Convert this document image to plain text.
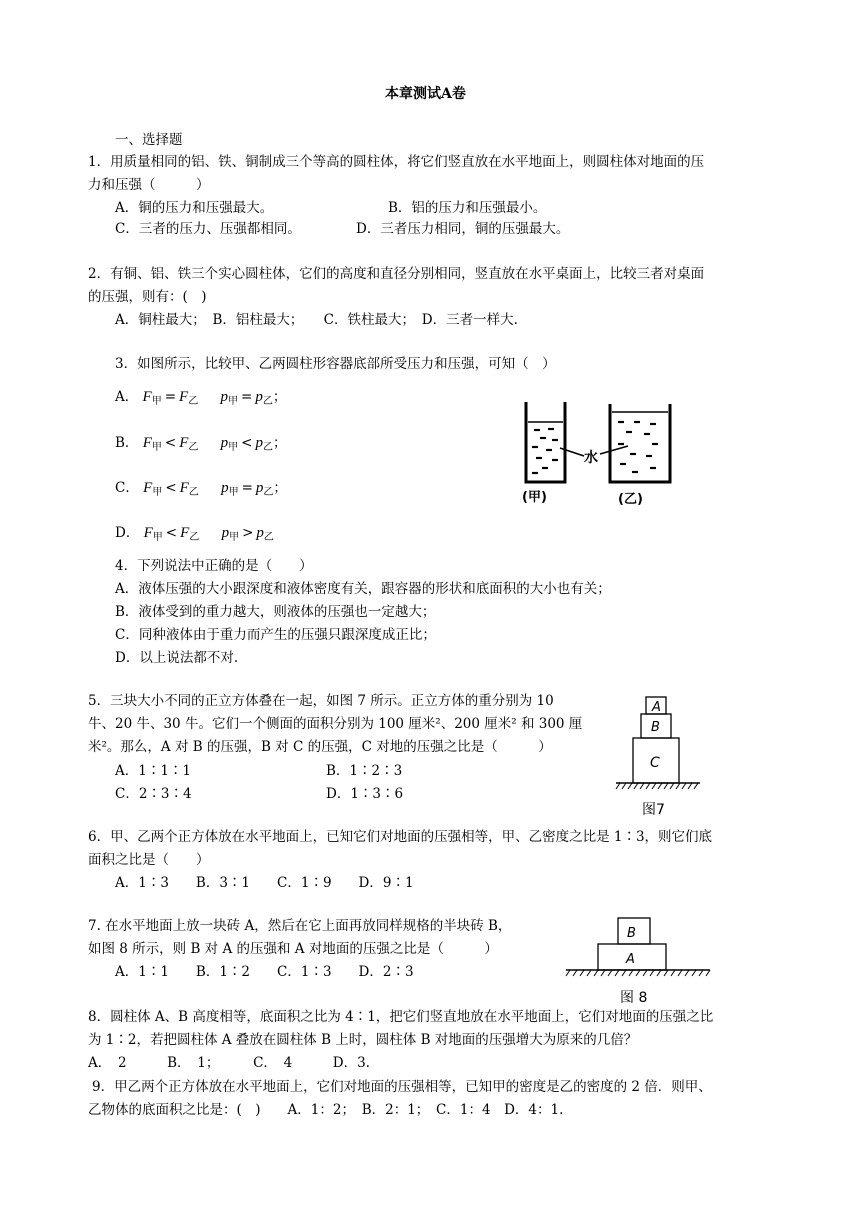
本章测试A卷
一、选择题
1．用质量相同的铝、铁、铜制成三个等高的圆柱体，将它们竖直放在水平地面上，则圆柱体对地面的压
力和压强（　　　）
A．铜的压力和压强最大。	B．铝的压力和压强最小。
C．三者的压力、压强都相同。	D．三者压力相同，铜的压强最大。
2．有铜、铝、铁三个实心圆柱体，它们的高度和直径分别相同，竖直放在水平桌面上，比较三者对桌面
的压强，则有：(　)
A．铜柱最大；　B．铝柱最大；　　C．铁柱最大；　D．三者一样大.
3．如图所示，比较甲、乙两圆柱形容器底部所受压力和压强，可知（　）
A． $F_甲 = F_乙$ $p_甲 = p_乙$；
B． $F_甲 < F_乙$ $p_甲 < p_乙$；
C． $F_甲 < F_乙$ $p_甲 = p_乙$；
D． $F_甲 < F_乙$ $p_甲 > p_乙$
水
(甲)	(乙)
4．下列说法中正确的是（　　）
A．液体压强的大小跟深度和液体密度有关，跟容器的形状和底面积的大小也有关；
B．液体受到的重力越大，则液体的压强也一定越大；
C．同种液体由于重力而产生的压强只跟深度成正比；
D．以上说法都不对.
5．三块大小不同的正立方体叠在一起，如图 7 所示。正立方体的重分别为 10
牛、20 牛、30 牛。它们一个侧面的面积分别为 100 厘米²、200 厘米² 和 300 厘
米²。那么，A 对 B 的压强，B 对 C 的压强，C 对地的压强之比是（　　　）
A．1∶1∶1	B．1∶2∶3
C．2∶3∶4	D．1∶3∶6
A
B
C
图7
6．甲、乙两个正方体放在水平地面上，已知它们对地面的压强相等，甲、乙密度之比是 1∶3，则它们底
面积之比是（　　）
A．1∶3　　B．3∶1　　C．1∶9　　D．9∶1
7. 在水平地面上放一块砖 A，然后在它上面再放同样规格的半块砖 B，
如图 8 所示，则 B 对 A 的压强和 A 对地面的压强之比是（　　　）
A．1∶1　　B．1∶2　　C．1∶3　　D．2∶3
B
A
图 8
8．圆柱体 A、B 高度相等，底面积之比为 4∶1，把它们竖直地放在水平地面上，它们对地面的压强之比
为 1∶2，若把圆柱体 A 叠放在圆柱体 B 上时，圆柱体 B 对地面的压强增大为原来的几倍？
A．　2　　　B．　1；　　　C．　4　　　D．3.
9．甲乙两个正方体放在水平地面上，它们对地面的压强相等，已知甲的密度是乙的密度的 2 倍．则甲、
乙物体的底面积之比是：(　)　　A．1：2；　B．2：1；　C．1：4　D．4：1.
